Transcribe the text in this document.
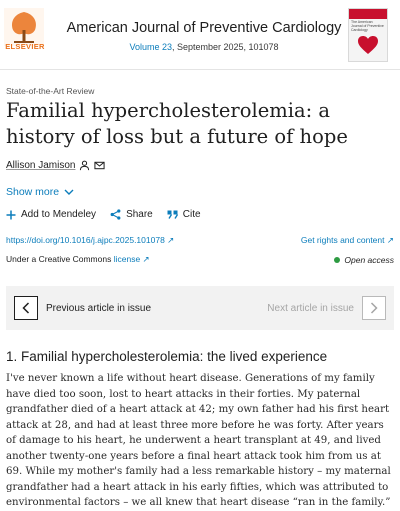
ELSEVIER
American Journal of Preventive Cardiology
Volume 23, September 2025, 101078
The American Journal of Preventive Cardiology
State-of-the-Art Review
Familial hypercholesterolemia: a history of loss but a future of hope
Allison Jamison
Show more
Add to Mendeley	Share	Cite
https://doi.org/10.1016/j.ajpc.2025.101078 ↗	Get rights and content ↗
Under a Creative Commons license ↗	Open access
Previous article in issue	Next article in issue
1. Familial hypercholesterolemia: the lived experience

I've never known a life without heart disease. Generations of my family have died too soon, lost to heart attacks in their forties. My paternal grandfather died of a heart attack at 42; my own father had his first heart attack at 28, and had at least three more before he was forty. After years of damage to his heart, he underwent a heart transplant at 49, and lived another twenty-one years before a final heart attack took him from us at 69. While my mother's family had a less remarkable history – my maternal grandfather had a heart attack in his early fifties, which was attributed to environmental factors – we all knew that heart disease “ran in the family.”
